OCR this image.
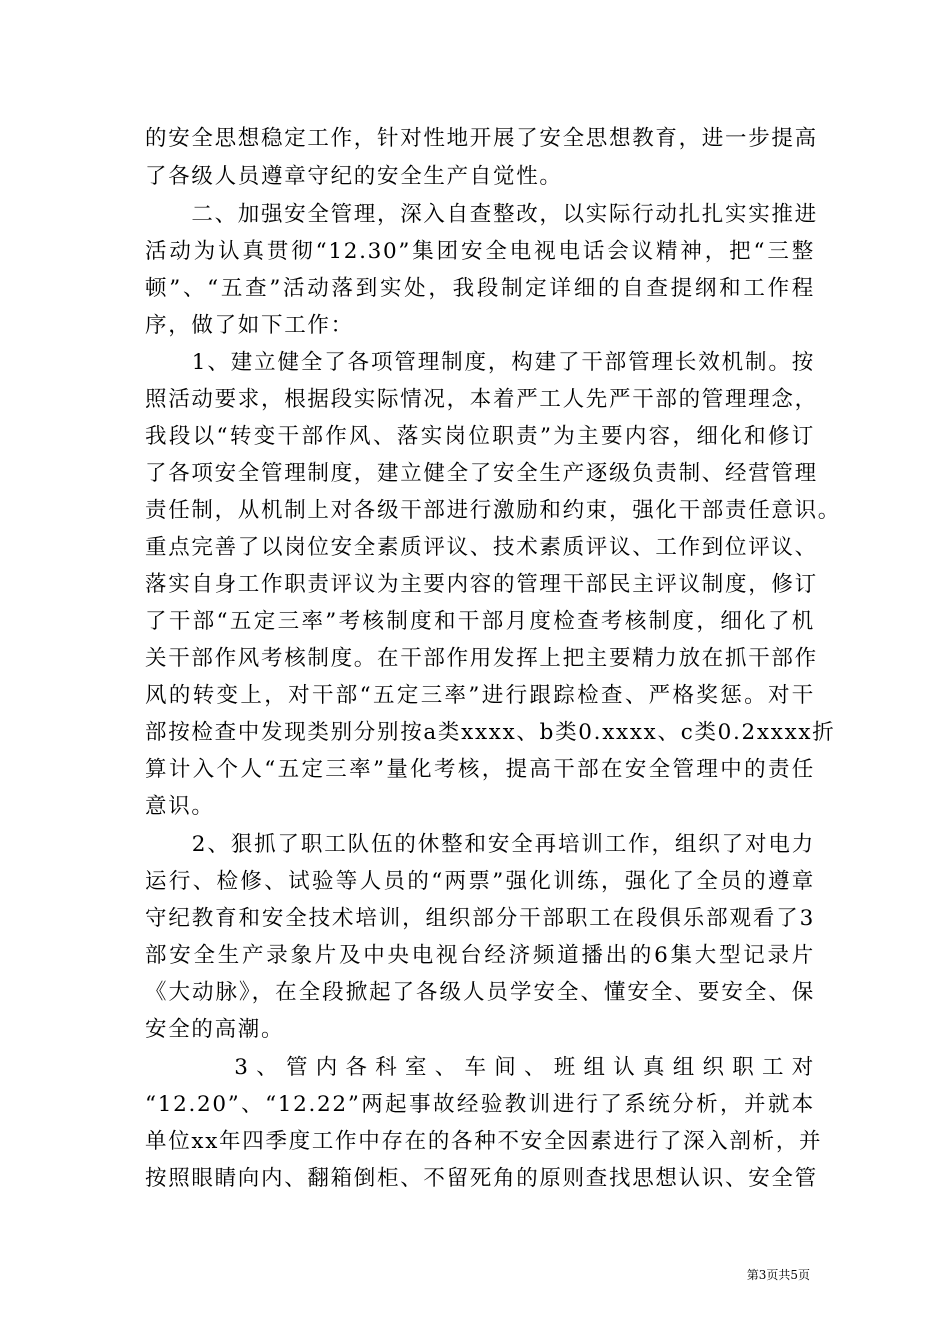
的安全思想稳定工作，针对性地开展了安全思想教育，进一步提高
了各级人员遵章守纪的安全生产自觉性。
　　二、加强安全管理，深入自查整改，以实际行动扎扎实实推进
活动为认真贯彻“12.30”集团安全电视电话会议精神，把“三整
顿”、“五查”活动落到实处，我段制定详细的自查提纲和工作程
序，做了如下工作：
　　1、建立健全了各项管理制度，构建了干部管理长效机制。按
照活动要求，根据段实际情况，本着严工人先严干部的管理理念，
我段以“转变干部作风、落实岗位职责”为主要内容，细化和修订
了各项安全管理制度，建立健全了安全生产逐级负责制、经营管理
责任制，从机制上对各级干部进行激励和约束，强化干部责任意识。
重点完善了以岗位安全素质评议、技术素质评议、工作到位评议、
落实自身工作职责评议为主要内容的管理干部民主评议制度，修订
了干部“五定三率”考核制度和干部月度检查考核制度，细化了机
关干部作风考核制度。在干部作用发挥上把主要精力放在抓干部作
风的转变上，对干部“五定三率”进行跟踪检查、严格奖惩。对干
部按检查中发现类别分别按a类xxxx、b类0.xxxx、c类0.2xxxx折
算计入个人“五定三率”量化考核，提高干部在安全管理中的责任
意识。
　　2、狠抓了职工队伍的休整和安全再培训工作，组织了对电力
运行、检修、试验等人员的“两票”强化训练，强化了全员的遵章
守纪教育和安全技术培训，组织部分干部职工在段俱乐部观看了3
部安全生产录象片及中央电视台经济频道播出的6集大型记录片
《大动脉》，在全段掀起了各级人员学安全、懂安全、要安全、保
安全的高潮。
　　　3、管内各科室、车间、班组认真组织职工对
“12.20”、“12.22”两起事故经验教训进行了系统分析，并就本
单位xx年四季度工作中存在的各种不安全因素进行了深入剖析，并
按照眼睛向内、翻箱倒柜、不留死角的原则查找思想认识、安全管
第3页共5页
